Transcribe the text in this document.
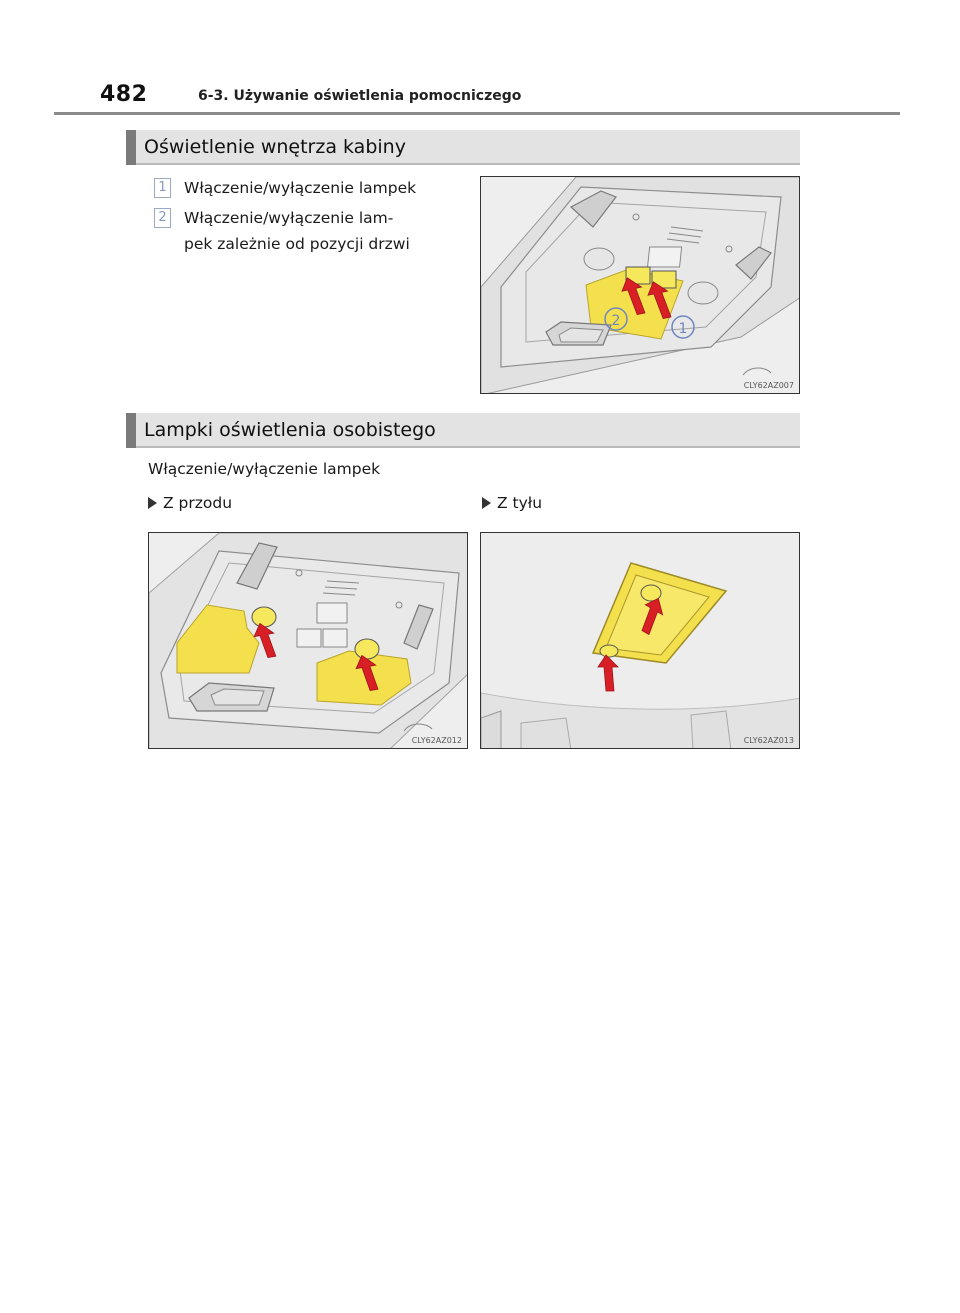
482	6-3. Używanie oświetlenia pomocniczego
Oświetlenie wnętrza kabiny
1 Włączenie/wyłączenie lampek
2 Włączenie/wyłączenie lam-
pek zależnie od pozycji drzwi
2	1
CLY62AZ007
Lampki oświetlenia osobistego
Włączenie/wyłączenie lampek
Z przodu	Z tyłu
CLY62AZ012	CLY62AZ013
